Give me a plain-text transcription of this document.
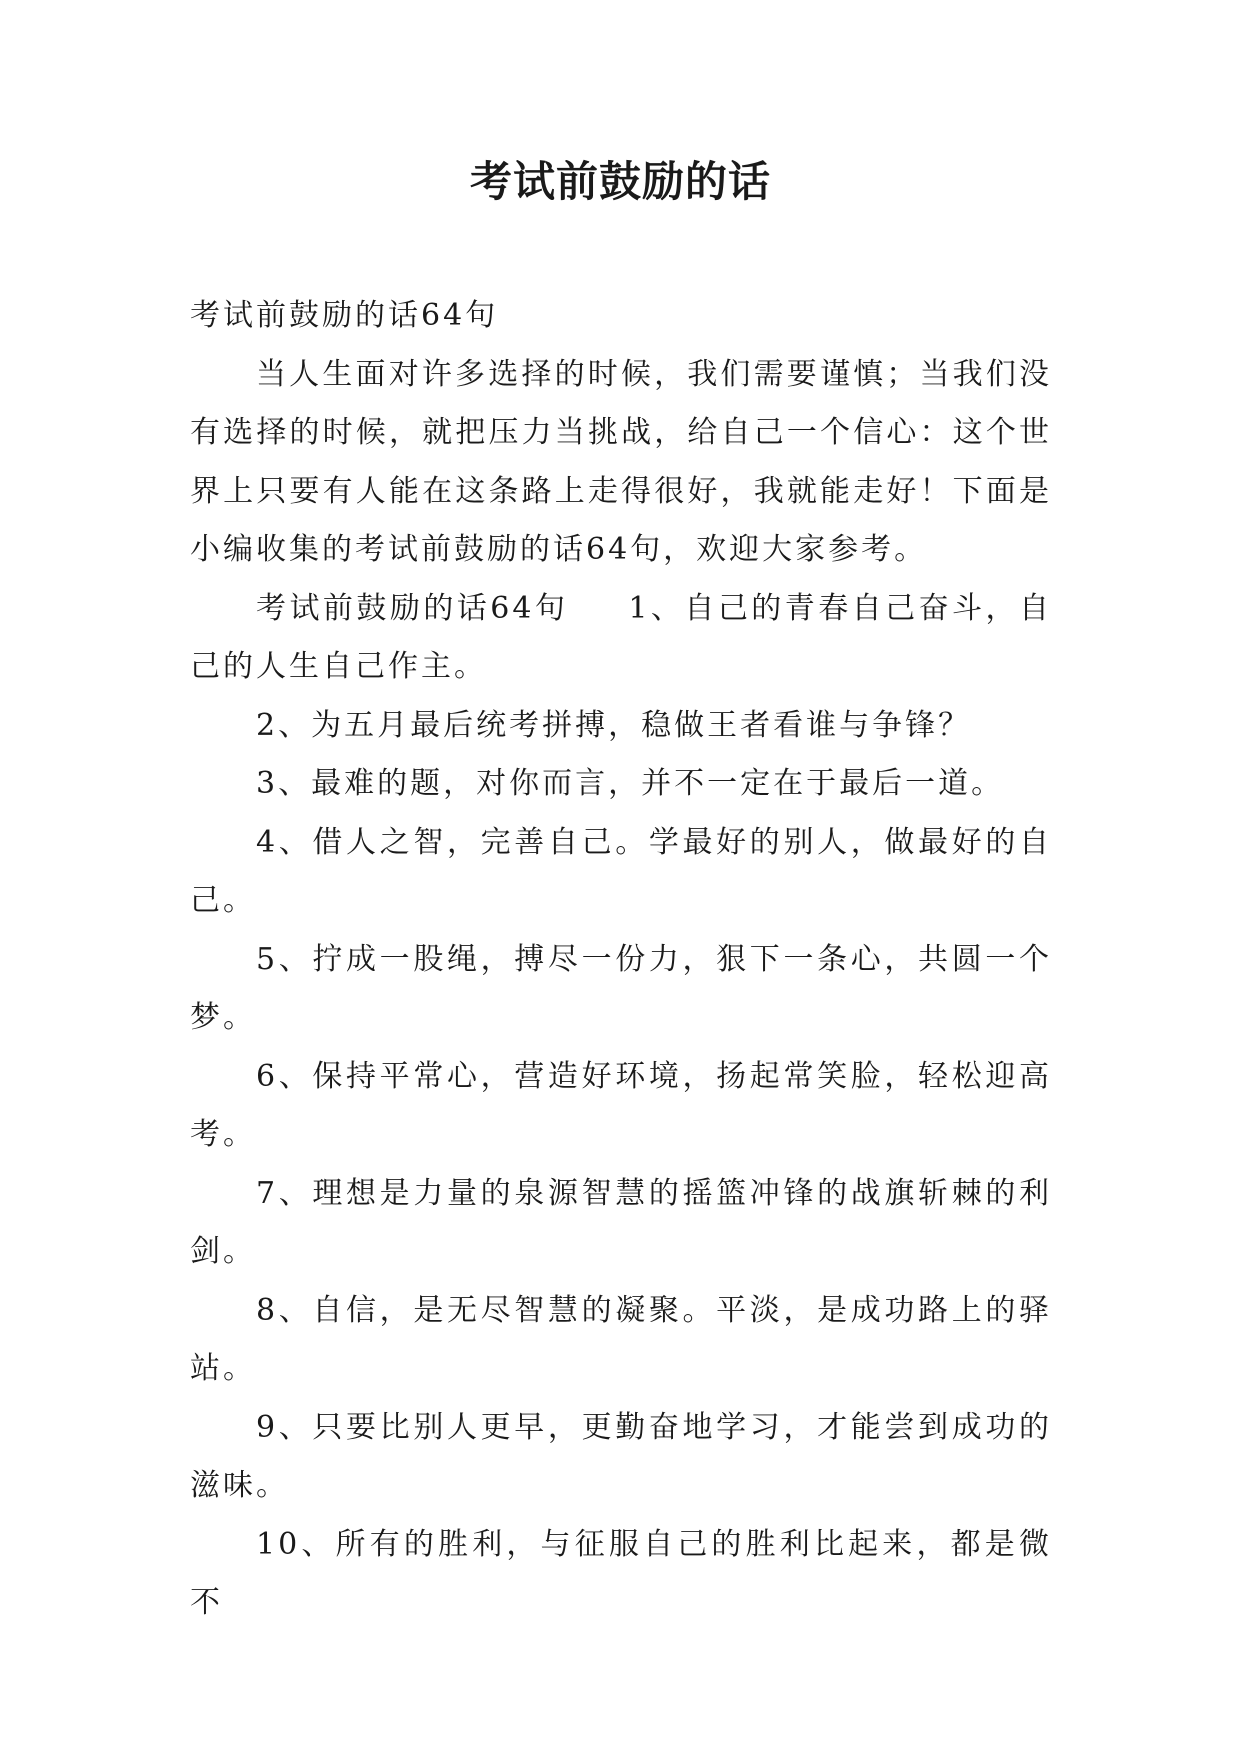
考试前鼓励的话

考试前鼓励的话64句

当人生面对许多选择的时候，我们需要谨慎；当我们没有选择的时候，就把压力当挑战，给自己一个信心：这个世界上只要有人能在这条路上走得很好，我就能走好！下面是小编收集的考试前鼓励的话64句，欢迎大家参考。

考试前鼓励的话64句 1、自己的青春自己奋斗，自己的人生自己作主。

2、为五月最后统考拼搏，稳做王者看谁与争锋？

3、最难的题，对你而言，并不一定在于最后一道。

4、借人之智，完善自己。学最好的别人，做最好的自己。

5、拧成一股绳，搏尽一份力，狠下一条心，共圆一个梦。

6、保持平常心，营造好环境，扬起常笑脸，轻松迎高考。

7、理想是力量的泉源智慧的摇篮冲锋的战旗斩棘的利剑。

8、自信，是无尽智慧的凝聚。平淡，是成功路上的驿站。

9、只要比别人更早，更勤奋地学习，才能尝到成功的滋味。

10、所有的胜利，与征服自己的胜利比起来，都是微不
